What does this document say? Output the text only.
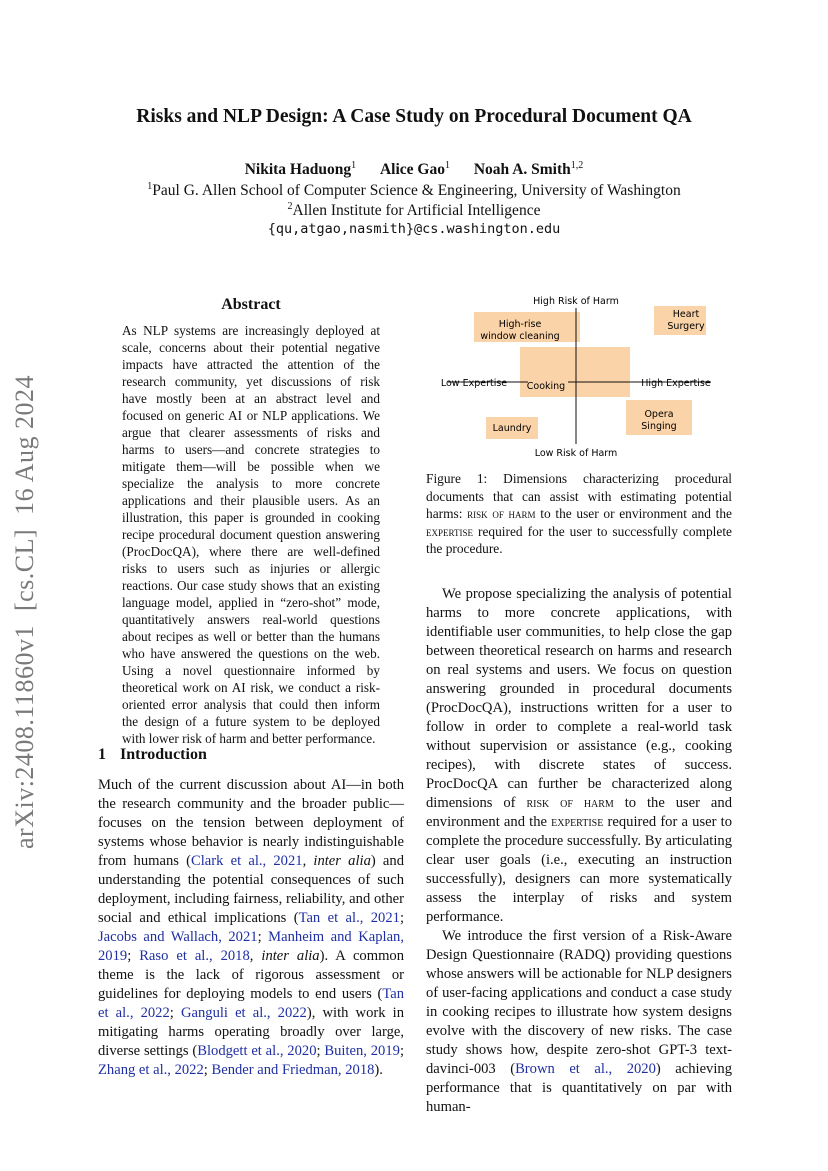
Risks and NLP Design: A Case Study on Procedural Document QA
Nikita Haduong$^1$ Alice Gao$^1$ Noah A. Smith$^{1,2}$
$^1$Paul G. Allen School of Computer Science & Engineering, University of Washington
$^2$Allen Institute for Artificial Intelligence
{qu,atgao,nasmith}@cs.washington.edu
arXiv:2408.11860v1  [cs.CL]  16 Aug 2024
Abstract
As NLP systems are increasingly deployed at scale, concerns about their potential negative impacts have attracted the attention of the research community, yet discussions of risk have mostly been at an abstract level and focused on generic AI or NLP applications. We argue that clearer assessments of risks and harms to users—and concrete strategies to mitigate them—will be possible when we specialize the analysis to more concrete applications and their plausible users. As an illustration, this paper is grounded in cooking recipe procedural document question answering (ProcDocQA), where there are well-defined risks to users such as injuries or allergic reactions. Our case study shows that an existing language model, applied in “zero-shot” mode, quantitatively answers real-world questions about recipes as well or better than the humans who have answered the questions on the web. Using a novel questionnaire informed by theoretical work on AI risk, we conduct a risk-oriented error analysis that could then inform the design of a future system to be deployed with lower risk of harm and better performance.
1 Introduction

Much of the current discussion about AI—in both the research community and the broader public—focuses on the tension between deployment of systems whose behavior is nearly indistinguishable from humans (Clark et al., 2021, inter alia) and understanding the potential consequences of such deployment, including fairness, reliability, and other social and ethical implications (Tan et al., 2021; Jacobs and Wallach, 2021; Manheim and Kaplan, 2019; Raso et al., 2018, inter alia). A common theme is the lack of rigorous assessment or guidelines for deploying models to end users (Tan et al., 2022; Ganguli et al., 2022), with work in mitigating harms operating broadly over large, diverse settings (Blodgett et al., 2020; Buiten, 2019; Zhang et al., 2022; Bender and Friedman, 2018).

High Risk of Harm
Low Risk of Harm
Low Expertise	High Expertise
High-rise
window cleaning
Heart
Surgery
Cooking
Laundry
Opera
Singing
Figure 1: Dimensions characterizing procedural documents that can assist with estimating potential harms: risk of harm to the user or environment and the expertise required for the user to successfully complete the procedure.

We propose specializing the analysis of potential harms to more concrete applications, with identifiable user communities, to help close the gap between theoretical research on harms and research on real systems and users. We focus on question answering grounded in procedural documents (ProcDocQA), instructions written for a user to follow in order to complete a real-world task without supervision or assistance (e.g., cooking recipes), with discrete states of success. ProcDocQA can further be characterized along dimensions of risk of harm to the user and environment and the expertise required for a user to complete the procedure successfully. By articulating clear user goals (i.e., executing an instruction successfully), designers can more systematically assess the interplay of risks and system performance.

We introduce the first version of a Risk-Aware Design Questionnaire (RADQ) providing questions whose answers will be actionable for NLP designers of user-facing applications and conduct a case study in cooking recipes to illustrate how system designs evolve with the discovery of new risks. The case study shows how, despite zero-shot GPT-3 text-davinci-003 (Brown et al., 2020) achieving performance that is quantitatively on par with human-
